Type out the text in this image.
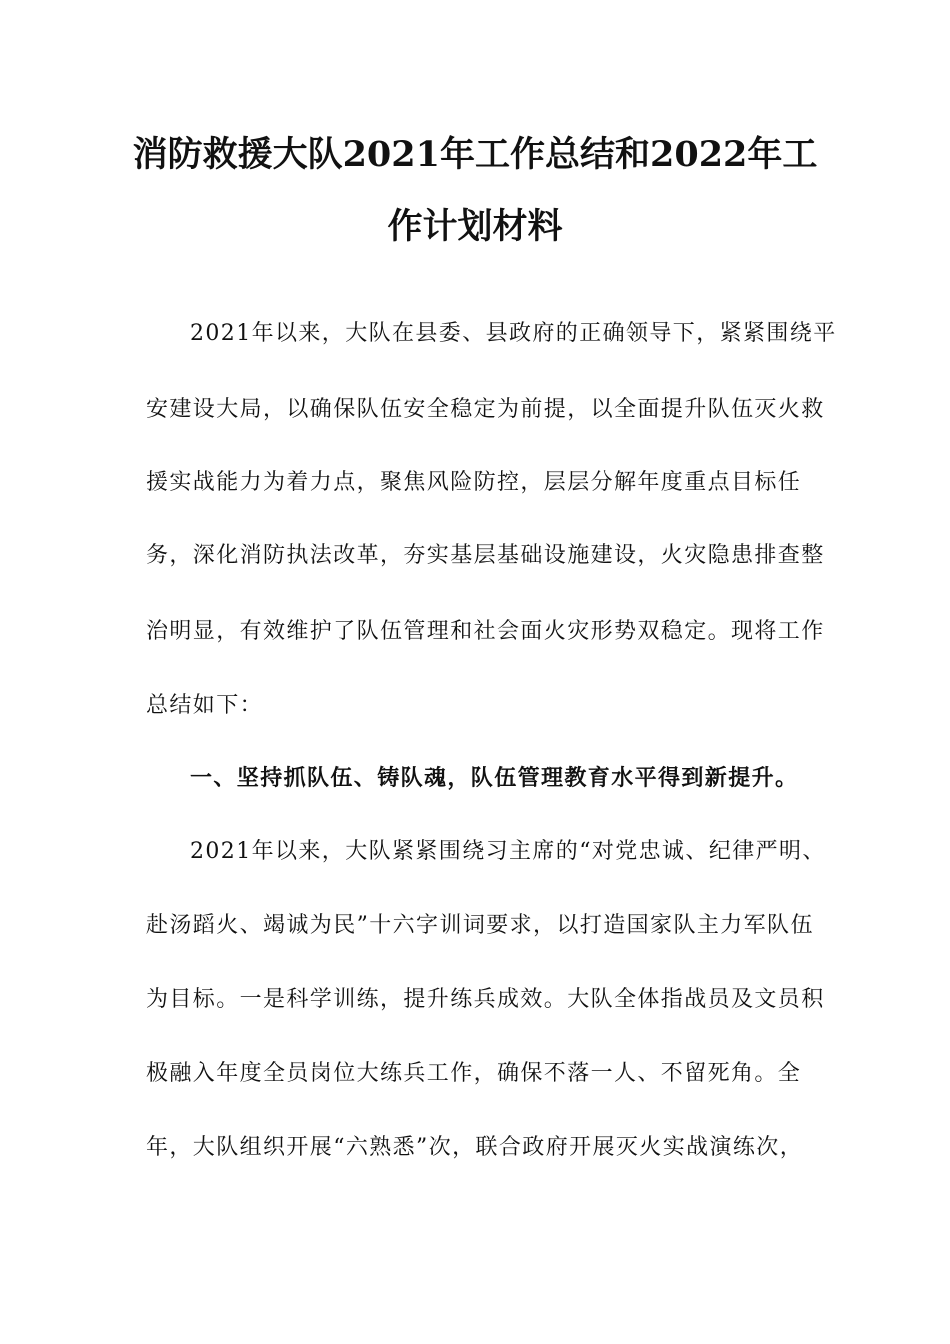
消防救援大队2021年工作总结和2022年工
作计划材料
2021年以来，大队在县委、县政府的正确领导下，紧紧围绕平
安建设大局，以确保队伍安全稳定为前提，以全面提升队伍灭火救
援实战能力为着力点，聚焦风险防控，层层分解年度重点目标任
务，深化消防执法改革，夯实基层基础设施建设，火灾隐患排查整
治明显，有效维护了队伍管理和社会面火灾形势双稳定。现将工作
总结如下：
一、坚持抓队伍、铸队魂，队伍管理教育水平得到新提升。
2021年以来，大队紧紧围绕习主席的“对党忠诚、纪律严明、
赴汤蹈火、竭诚为民”十六字训词要求，以打造国家队主力军队伍
为目标。一是科学训练，提升练兵成效。大队全体指战员及文员积
极融入年度全员岗位大练兵工作，确保不落一人、不留死角。全
年，大队组织开展“六熟悉”次，联合政府开展灭火实战演练次，
